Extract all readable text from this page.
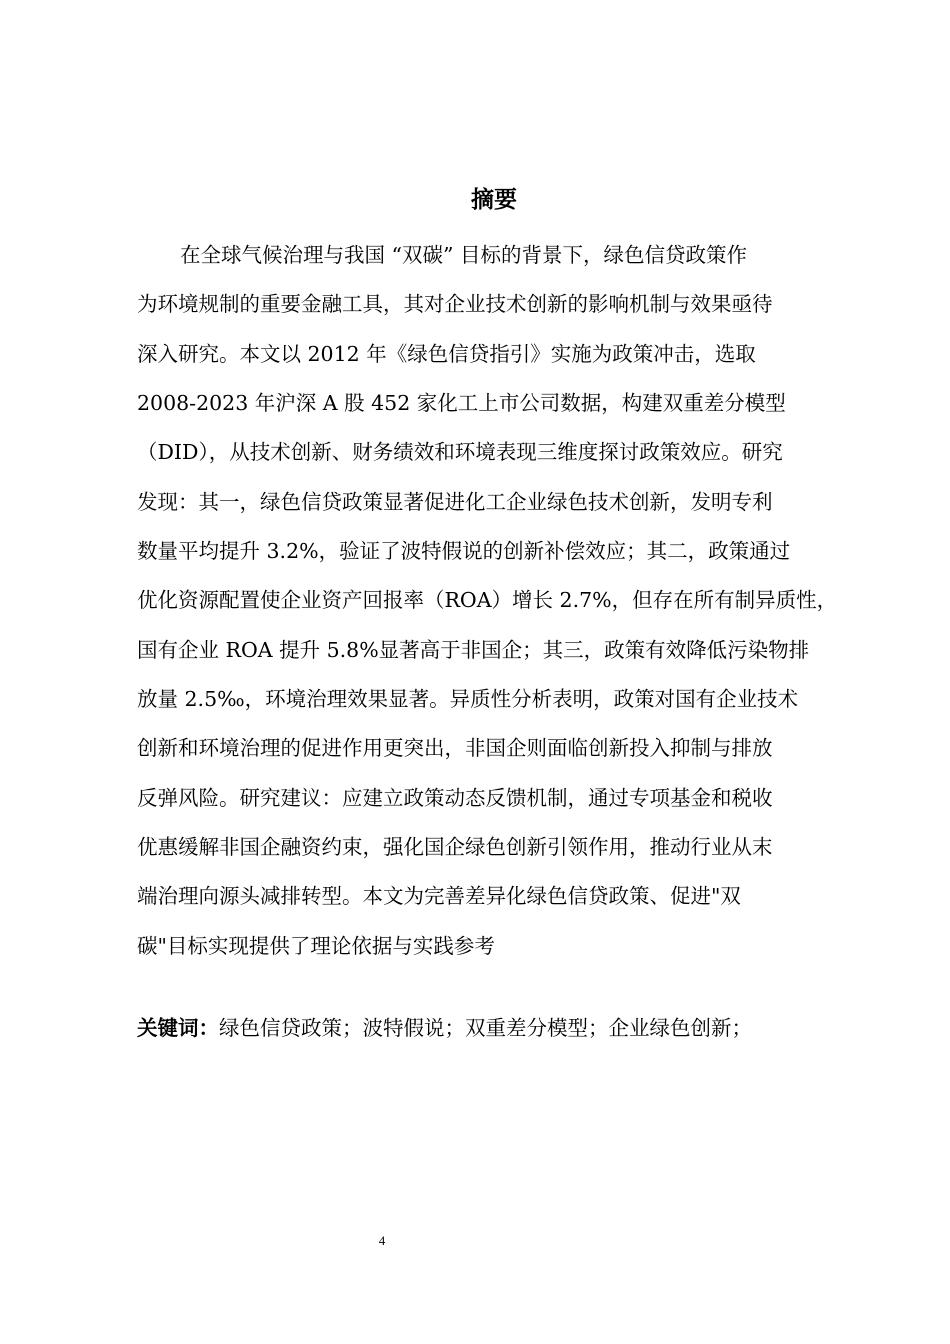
摘要
在全球气候治理与我国 “双碳” 目标的背景下，绿色信贷政策作
为环境规制的重要金融工具，其对企业技术创新的影响机制与效果亟待
深入研究。本文以 2012 年《绿色信贷指引》实施为政策冲击，选取
2008-2023 年沪深 A 股 452 家化工上市公司数据，构建双重差分模型
（DID），从技术创新、财务绩效和环境表现三维度探讨政策效应。研究
发现：其一，绿色信贷政策显著促进化工企业绿色技术创新，发明专利
数量平均提升 3.2%，验证了波特假说的创新补偿效应；其二，政策通过
优化资源配置使企业资产回报率（ROA）增长 2.7%，但存在所有制异质性，
国有企业 ROA 提升 5.8%显著高于非国企；其三，政策有效降低污染物排
放量 2.5‰，环境治理效果显著。异质性分析表明，政策对国有企业技术
创新和环境治理的促进作用更突出，非国企则面临创新投入抑制与排放
反弹风险。研究建议：应建立政策动态反馈机制，通过专项基金和税收
优惠缓解非国企融资约束，强化国企绿色创新引领作用，推动行业从末
端治理向源头减排转型。本文为完善差异化绿色信贷政策、促进"双
碳"目标实现提供了理论依据与实践参考
关键词：绿色信贷政策；波特假说；双重差分模型；企业绿色创新；
4
